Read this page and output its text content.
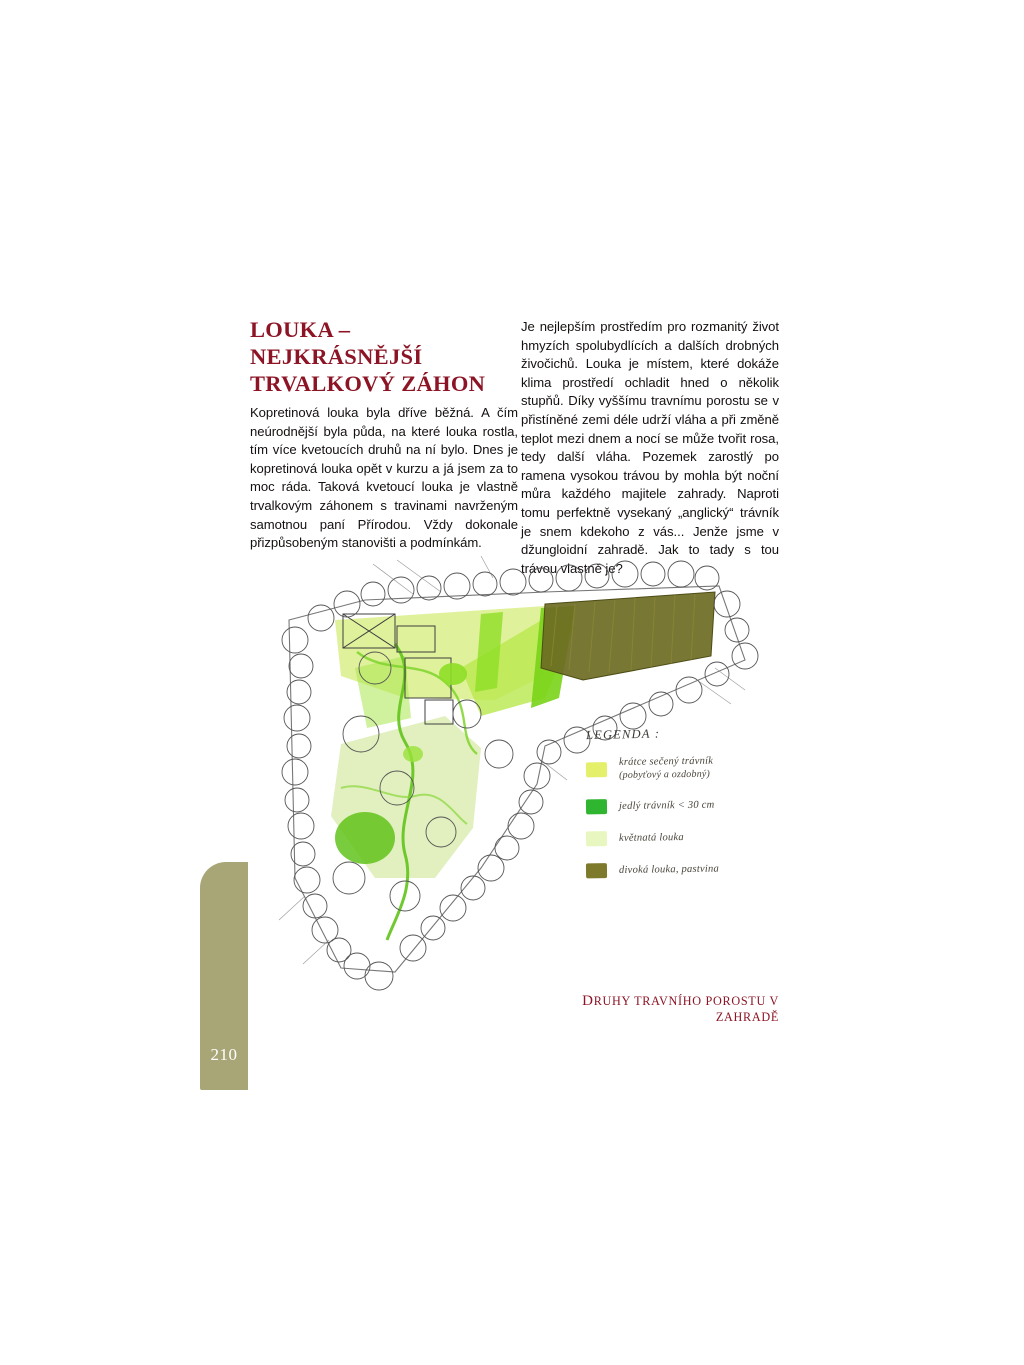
210
LOUKA –
NEJKRÁSNĚJŠÍ
TRVALKOVÝ ZÁHON

Kopretinová louka byla dříve běžná. A čím neúrodnější byla půda, na které louka rostla, tím více kvetoucích druhů na ní bylo. Dnes je kopretinová louka opět v kurzu a já jsem za to moc ráda. Taková kvetoucí louka je vlastně trvalkovým záhonem s travinami navrženým samotnou paní Přírodou. Vždy dokonale přizpůsobeným stanovišti a podmínkám.

Je nejlepším prostředím pro rozmanitý život hmyzích spolubydlících a dalších drobných živočichů. Louka je místem, které dokáže klima prostředí ochladit hned o několik stupňů. Díky vyššímu travnímu porostu se v přistíněné zemi déle udrží vláha a při změně teplot mezi dnem a nocí se může tvořit rosa, tedy další vláha. Pozemek zarostlý po ramena vysokou trávou by mohla být noční můra každého majitele zahrady. Naproti tomu perfektně vysekaný „anglický“ trávník je snem kdekoho z vás... Jenže jsme v džungloidní zahradě. Jak to tady s tou trávou vlastně je?

LEGENDA :
krátce sečený trávník
(pobyťový a ozdobný)
jedlý trávník < 30 cm
květnatá louka
divoká louka, pastvina
DRUHY TRAVNÍHO POROSTU V ZAHRADĚ
